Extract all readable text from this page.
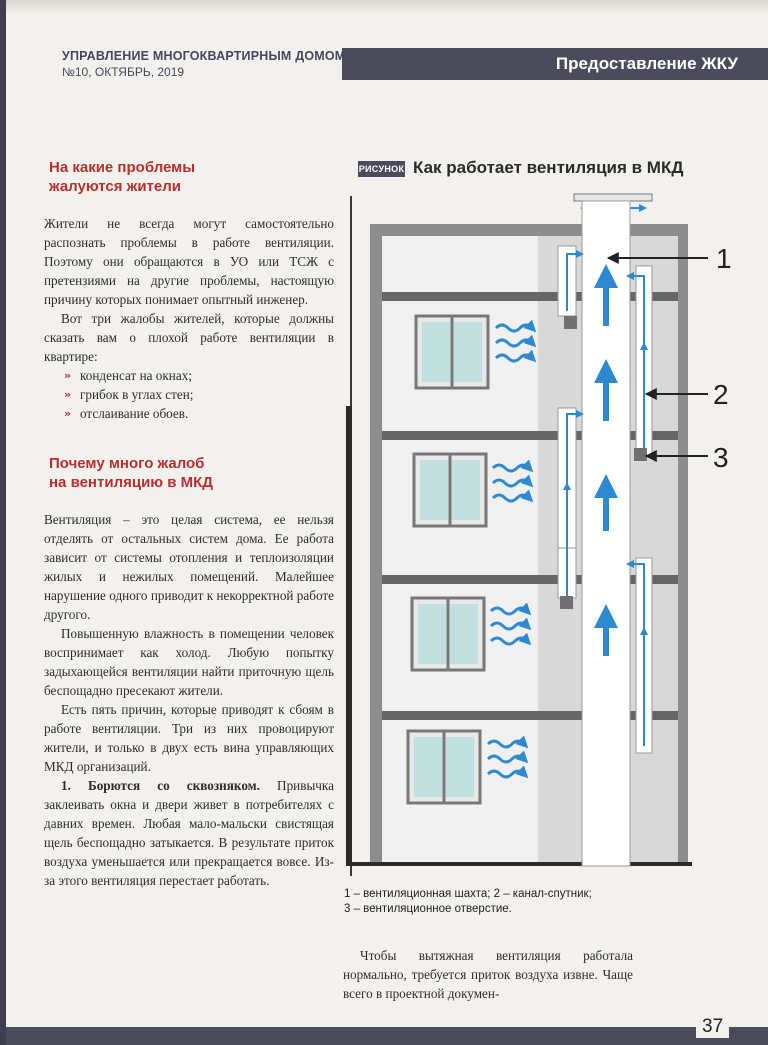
УПРАВЛЕНИЕ МНОГОКВАРТИРНЫМ ДОМОМ
№10, ОКТЯБРЬ, 2019	Предоставление ЖКУ
На какие проблемы
жалуются жители

Жители не всегда могут самостоятельно распознать проблемы в работе вентиляции. Поэтому они обращаются в УО или ТСЖ с претензиями на другие проблемы, настоящую причину которых понимает опытный инженер.

Вот три жалобы жителей, которые должны сказать вам о плохой работе вентиляции в квартире:

» конденсат на окнах;
» грибок в углах стен;
» отслаивание обоев.
Почему много жалоб
на вентиляцию в МКД

Вентиляция – это целая система, ее нельзя отделять от остальных систем дома. Ее работа зависит от системы отопления и теплоизоляции жилых и нежилых помещений. Малейшее нарушение одного приводит к некорректной работе другого.

Повышенную влажность в помещении человек воспринимает как холод. Любую попытку задыхающейся вентиляции найти приточную щель беспощадно пресекают жители.

Есть пять причин, которые приводят к сбоям в работе вентиляции. Три из них провоцируют жители, и только в двух есть вина управляющих МКД организаций.

1. Борются со сквозняком. Привычка заклеивать окна и двери живет в потребителях с давних времен. Любая мало-мальски свистящая щель беспощадно затыкается. В результате приток воздуха уменьшается или прекращается вовсе. Из-за этого вентиляция перестает работать.

РИСУНОК Как работает вентиляция в МКД
1
2
3
1 – вентиляционная шахта; 2 – канал-спутник;
3 – вентиляционное отверстие.

Чтобы вытяжная вентиляция работала нормально, требуется приток воздуха извне. Чаще всего в проектной докумен-

37
